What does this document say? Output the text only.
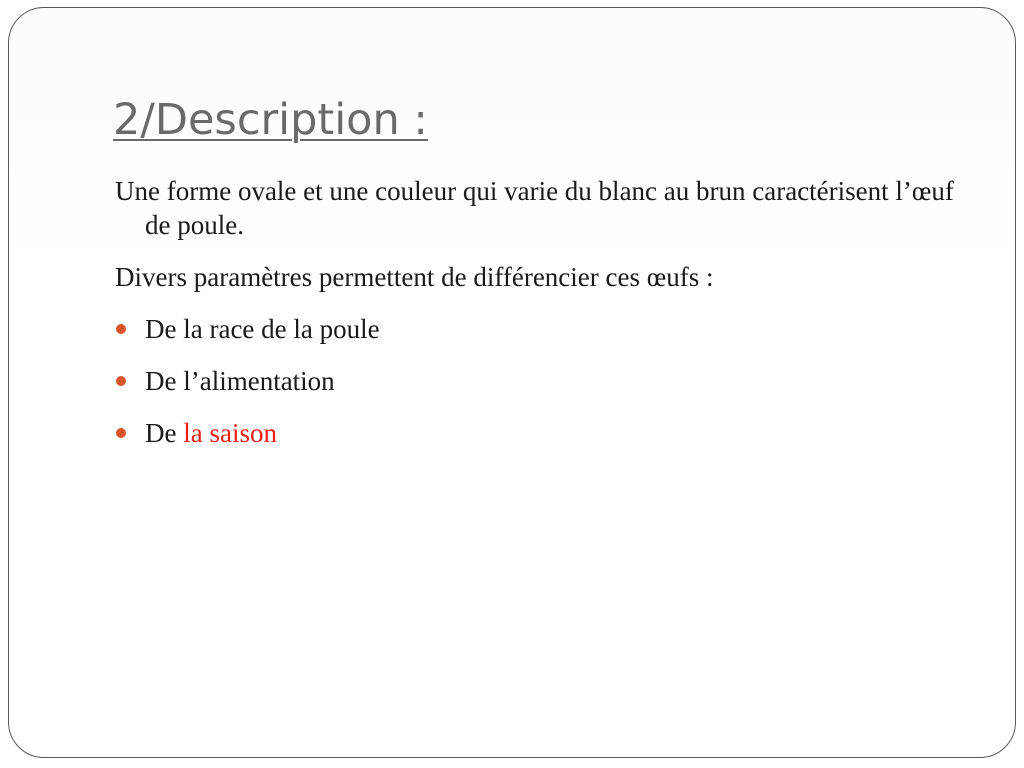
2/Description :

Une forme ovale et une couleur qui varie du blanc au brun caractérisent l’œuf de poule.

Divers paramètres permettent de différencier ces œufs :

De la race de la poule
De l’alimentation
De la saison
